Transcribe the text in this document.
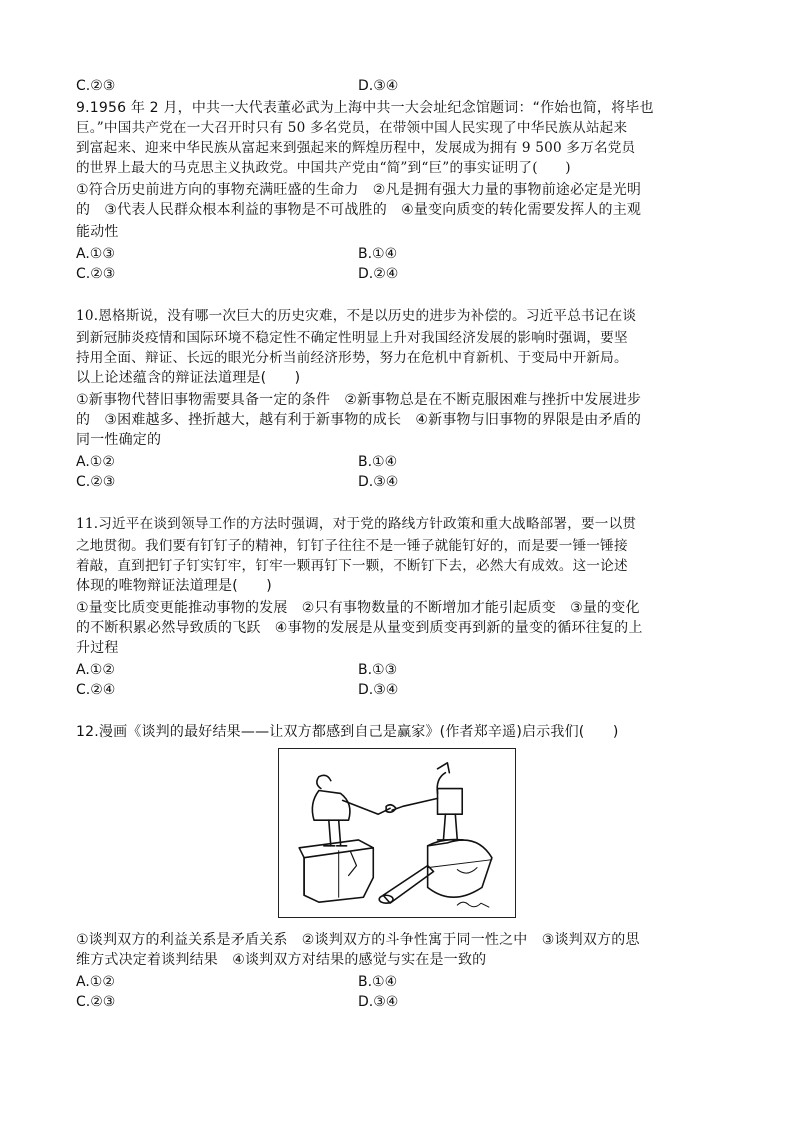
C.②③	D.③④
9.1956 年 2 月，中共一大代表董必武为上海中共一大会址纪念馆题词：“作始也简，将毕也
巨。”中国共产党在一大召开时只有 50 多名党员，在带领中国人民实现了中华民族从站起来
到富起来、迎来中华民族从富起来到强起来的辉煌历程中，发展成为拥有 9 500 多万名党员
的世界上最大的马克思主义执政党。中国共产党由“简”到“巨”的事实证明了(　　)
①符合历史前进方向的事物充满旺盛的生命力　②凡是拥有强大力量的事物前途必定是光明
的　③代表人民群众根本利益的事物是不可战胜的　④量变向质变的转化需要发挥人的主观
能动性
A.①③	B.①④
C.②③	D.②④
10.恩格斯说，没有哪一次巨大的历史灾难，不是以历史的进步为补偿的。习近平总书记在谈
到新冠肺炎疫情和国际环境不稳定性不确定性明显上升对我国经济发展的影响时强调，要坚
持用全面、辩证、长远的眼光分析当前经济形势，努力在危机中育新机、于变局中开新局。
以上论述蕴含的辩证法道理是(　　)
①新事物代替旧事物需要具备一定的条件　②新事物总是在不断克服困难与挫折中发展进步
的　③困难越多、挫折越大，越有利于新事物的成长　④新事物与旧事物的界限是由矛盾的
同一性确定的
A.①②	B.①④
C.②③	D.③④
11.习近平在谈到领导工作的方法时强调，对于党的路线方针政策和重大战略部署，要一以贯
之地贯彻。我们要有钉钉子的精神，钉钉子往往不是一锤子就能钉好的，而是要一锤一锤接
着敲，直到把钉子钉实钉牢，钉牢一颗再钉下一颗，不断钉下去，必然大有成效。这一论述
体现的唯物辩证法道理是(　　)
①量变比质变更能推动事物的发展　②只有事物数量的不断增加才能引起质变　③量的变化
的不断积累必然导致质的飞跃　④事物的发展是从量变到质变再到新的量变的循环往复的上
升过程
A.①②	B.①③
C.②④	D.③④
12.漫画《谈判的最好结果——让双方都感到自己是赢家》(作者郑辛遥)启示我们(　　)
①谈判双方的利益关系是矛盾关系　②谈判双方的斗争性寓于同一性之中　③谈判双方的思
维方式决定着谈判结果　④谈判双方对结果的感觉与实在是一致的
A.①②	B.①④
C.②③	D.③④
